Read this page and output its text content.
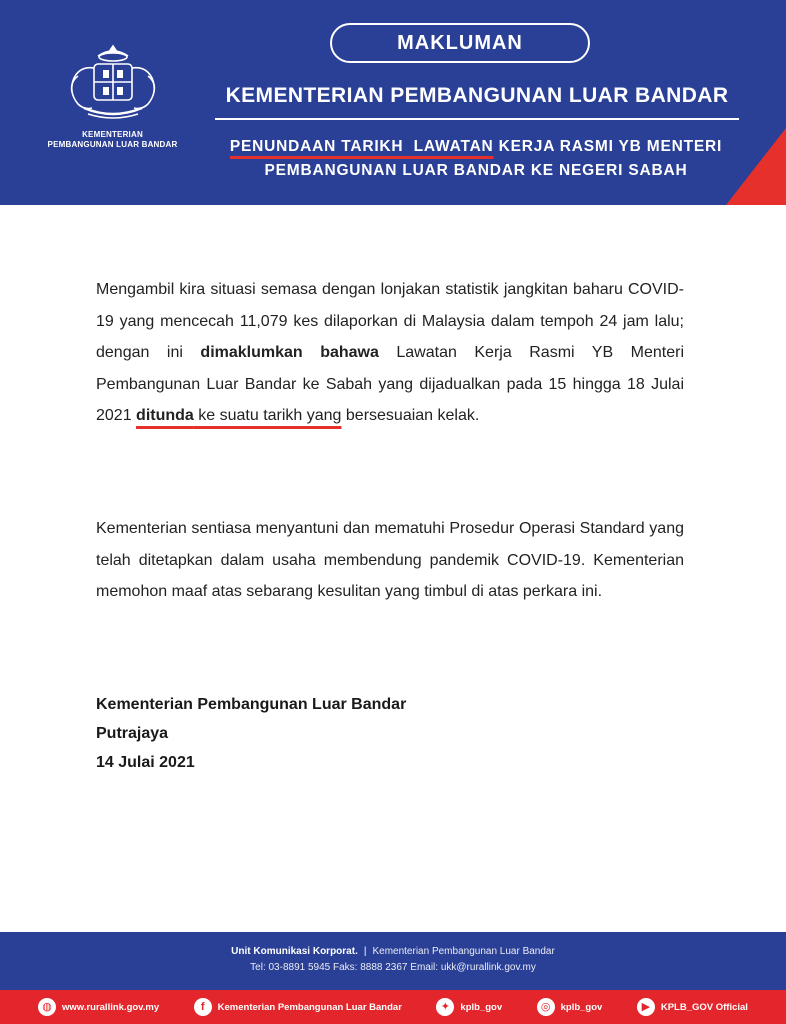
KEMENTERIAN
PEMBANGUNAN LUAR BANDAR
MAKLUMAN
KEMENTERIAN PEMBANGUNAN LUAR BANDAR
PENUNDAAN TARIKH  LAWATAN KERJA RASMI YB MENTERI
PEMBANGUNAN LUAR BANDAR KE NEGERI SABAH
Mengambil kira situasi semasa dengan lonjakan statistik jangkitan baharu COVID-19 yang mencecah 11,079 kes dilaporkan di Malaysia dalam tempoh 24 jam lalu; dengan ini dimaklumkan bahawa Lawatan Kerja Rasmi YB Menteri Pembangunan Luar Bandar ke Sabah yang dijadualkan pada 15 hingga 18 Julai 2021 ditunda ke suatu tarikh yang bersesuaian kelak.
Kementerian sentiasa menyantuni dan mematuhi Prosedur Operasi Standard yang telah ditetapkan dalam usaha membendung pandemik COVID-19. Kementerian memohon maaf atas sebarang kesulitan yang timbul di atas perkara ini.
Kementerian Pembangunan Luar Bandar
Putrajaya
14 Julai 2021
Unit Komunikasi Korporat. | Kementerian Pembangunan Luar Bandar
Tel: 03-8891 5945 Faks: 8888 2367 Email: ukk@rurallink.gov.my
◍	www.rurallink.gov.my	f	Kementerian Pembangunan Luar Bandar	✦	kplb_gov	◎	kplb_gov	▶	KPLB_GOV Official
